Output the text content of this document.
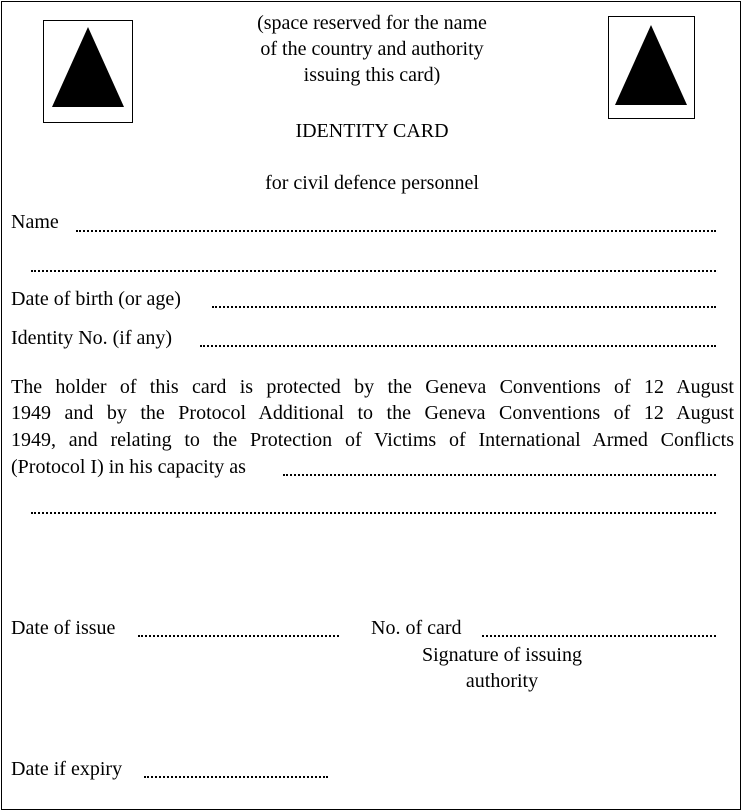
(space reserved for the name
of the country and authority
issuing this card)
IDENTITY CARD
for civil defence personnel
Name
Date of birth (or age)
Identity No. (if any)
The holder of this card is protected by the Geneva Conventions of 12 August
1949 and by the Protocol Additional to the Geneva Conventions of 12 August
1949, and relating to the Protection of Victims of International Armed Conflicts
(Protocol I) in his capacity as
Date of issue	No. of card
Signature of issuing
authority
Date if expiry
